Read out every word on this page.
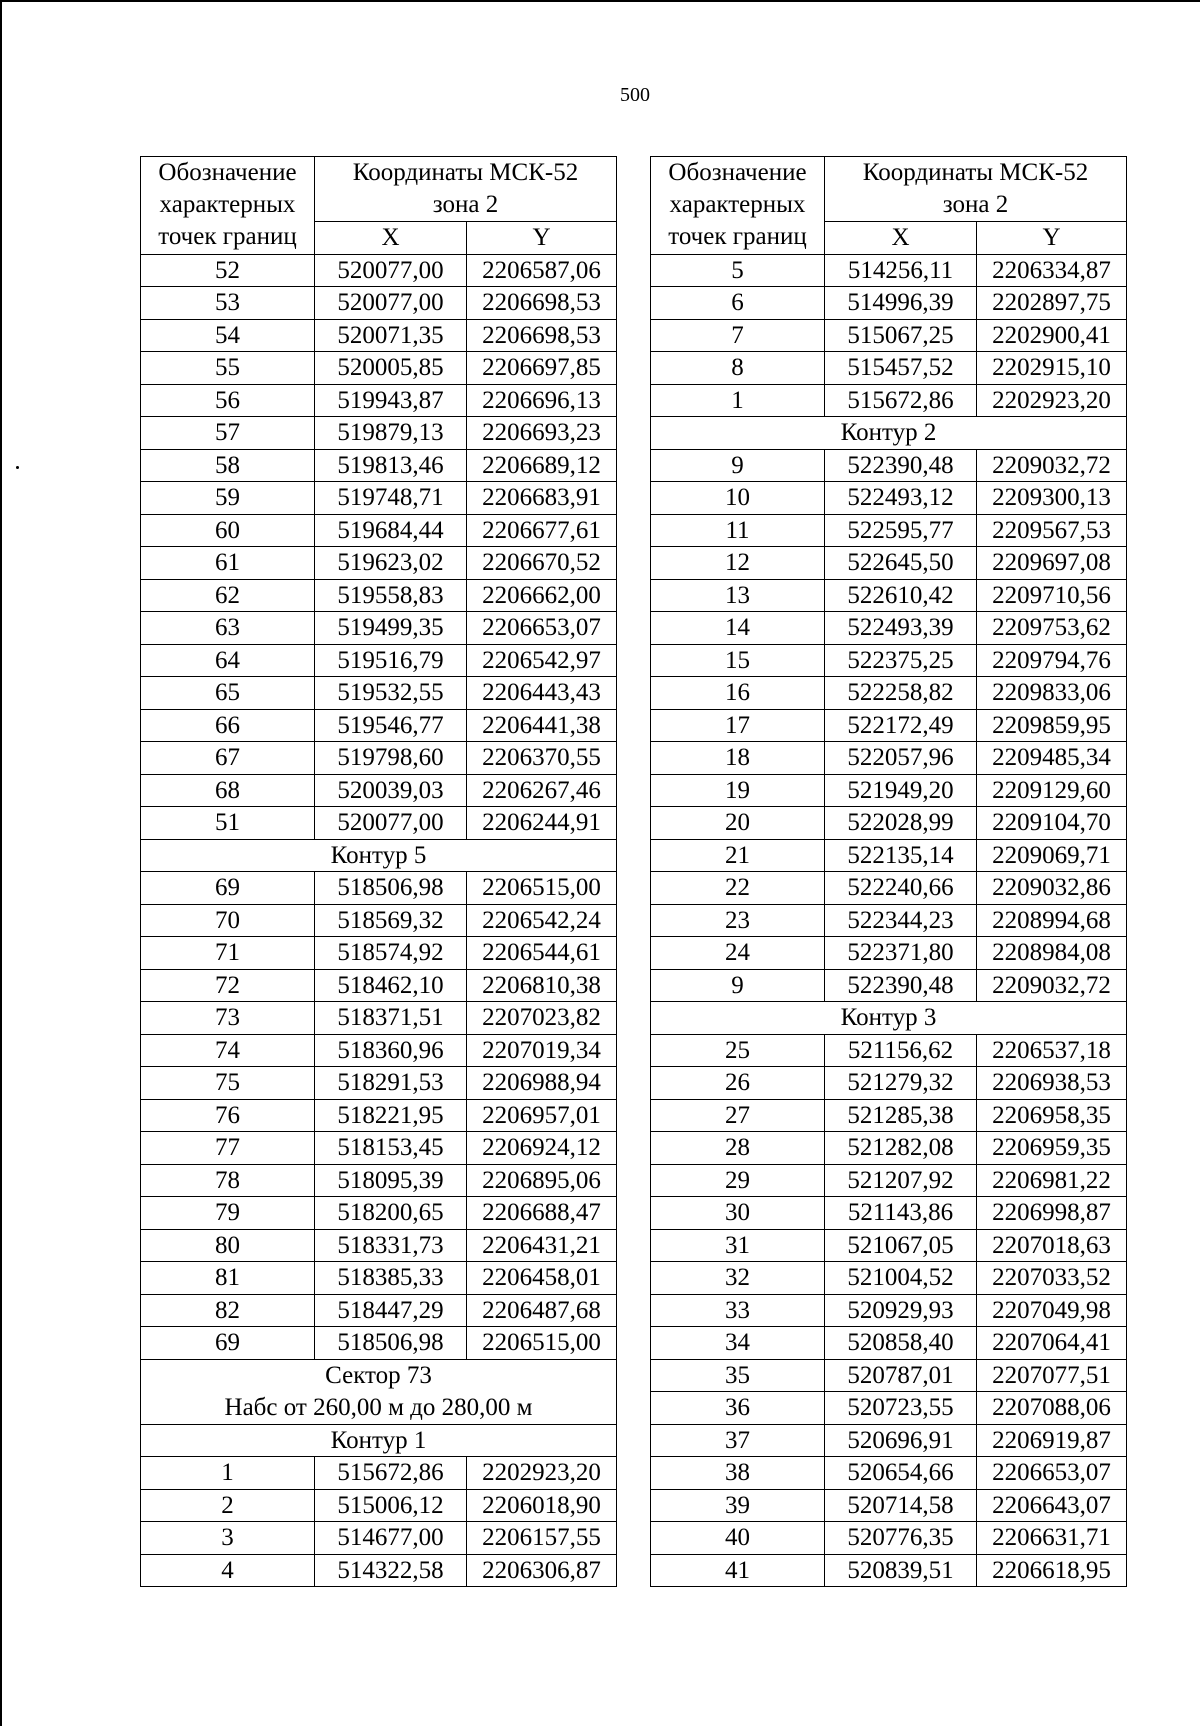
500
Обозначение характерных точек границ	Координаты МСК-52
зона 2	
	X	Y
52	520077,00	2206587,06
53	520077,00	2206698,53
54	520071,35	2206698,53
55	520005,85	2206697,85
56	519943,87	2206696,13
57	519879,13	2206693,23
58	519813,46	2206689,12
59	519748,71	2206683,91
60	519684,44	2206677,61
61	519623,02	2206670,52
62	519558,83	2206662,00
63	519499,35	2206653,07
64	519516,79	2206542,97
65	519532,55	2206443,43
66	519546,77	2206441,38
67	519798,60	2206370,55
68	520039,03	2206267,46
51	520077,00	2206244,91
Контур 5		
69	518506,98	2206515,00
70	518569,32	2206542,24
71	518574,92	2206544,61
72	518462,10	2206810,38
73	518371,51	2207023,82
74	518360,96	2207019,34
75	518291,53	2206988,94
76	518221,95	2206957,01
77	518153,45	2206924,12
78	518095,39	2206895,06
79	518200,65	2206688,47
80	518331,73	2206431,21
81	518385,33	2206458,01
82	518447,29	2206487,68
69	518506,98	2206515,00
Сектор 73
Набс от 260,00 м до 280,00 м		
Контур 1		
1	515672,86	2202923,20
2	515006,12	2206018,90
3	514677,00	2206157,55
4	514322,58	2206306,87
Обозначение характерных точек границ	Координаты МСК-52
зона 2	
	X	Y
5	514256,11	2206334,87
6	514996,39	2202897,75
7	515067,25	2202900,41
8	515457,52	2202915,10
1	515672,86	2202923,20
Контур 2		
9	522390,48	2209032,72
10	522493,12	2209300,13
11	522595,77	2209567,53
12	522645,50	2209697,08
13	522610,42	2209710,56
14	522493,39	2209753,62
15	522375,25	2209794,76
16	522258,82	2209833,06
17	522172,49	2209859,95
18	522057,96	2209485,34
19	521949,20	2209129,60
20	522028,99	2209104,70
21	522135,14	2209069,71
22	522240,66	2209032,86
23	522344,23	2208994,68
24	522371,80	2208984,08
9	522390,48	2209032,72
Контур 3		
25	521156,62	2206537,18
26	521279,32	2206938,53
27	521285,38	2206958,35
28	521282,08	2206959,35
29	521207,92	2206981,22
30	521143,86	2206998,87
31	521067,05	2207018,63
32	521004,52	2207033,52
33	520929,93	2207049,98
34	520858,40	2207064,41
35	520787,01	2207077,51
36	520723,55	2207088,06
37	520696,91	2206919,87
38	520654,66	2206653,07
39	520714,58	2206643,07
40	520776,35	2206631,71
41	520839,51	2206618,95
